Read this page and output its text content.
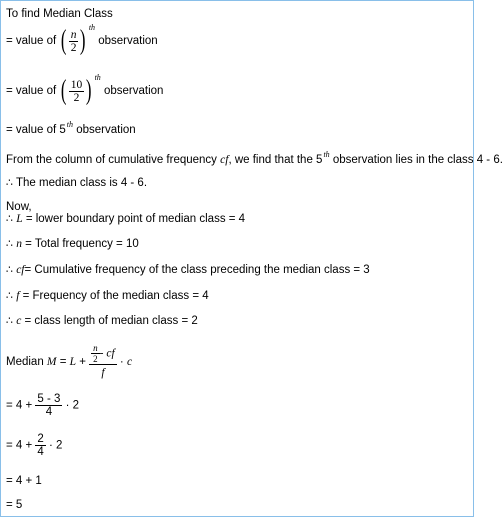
To find Median Class
= value of ( $\frac{n}{2}$ ) $^{th}$ observation
= value of ( $\frac{10}{2}$ ) $^{th}$ observation
= value of 5th observation
From the column of cumulative frequency cf, we find that the 5th observation lies in the class 4 - 6.
∴ The median class is 4 - 6.
Now,
∴ L = lower boundary point of median class = 4
∴ n = Total frequency = 10
∴ cf= Cumulative frequency of the class preceding the median class = 3
∴ f = Frequency of the median class = 4
∴ c = class length of median class = 2
Median $M = L + \frac{\frac{n}{2} - cf}{f} \cdot c$
= $4 + \frac{5 - 3}{4} \cdot 2$
= $4 + \frac{2}{4} \cdot 2$
= 4 + 1
= 5
